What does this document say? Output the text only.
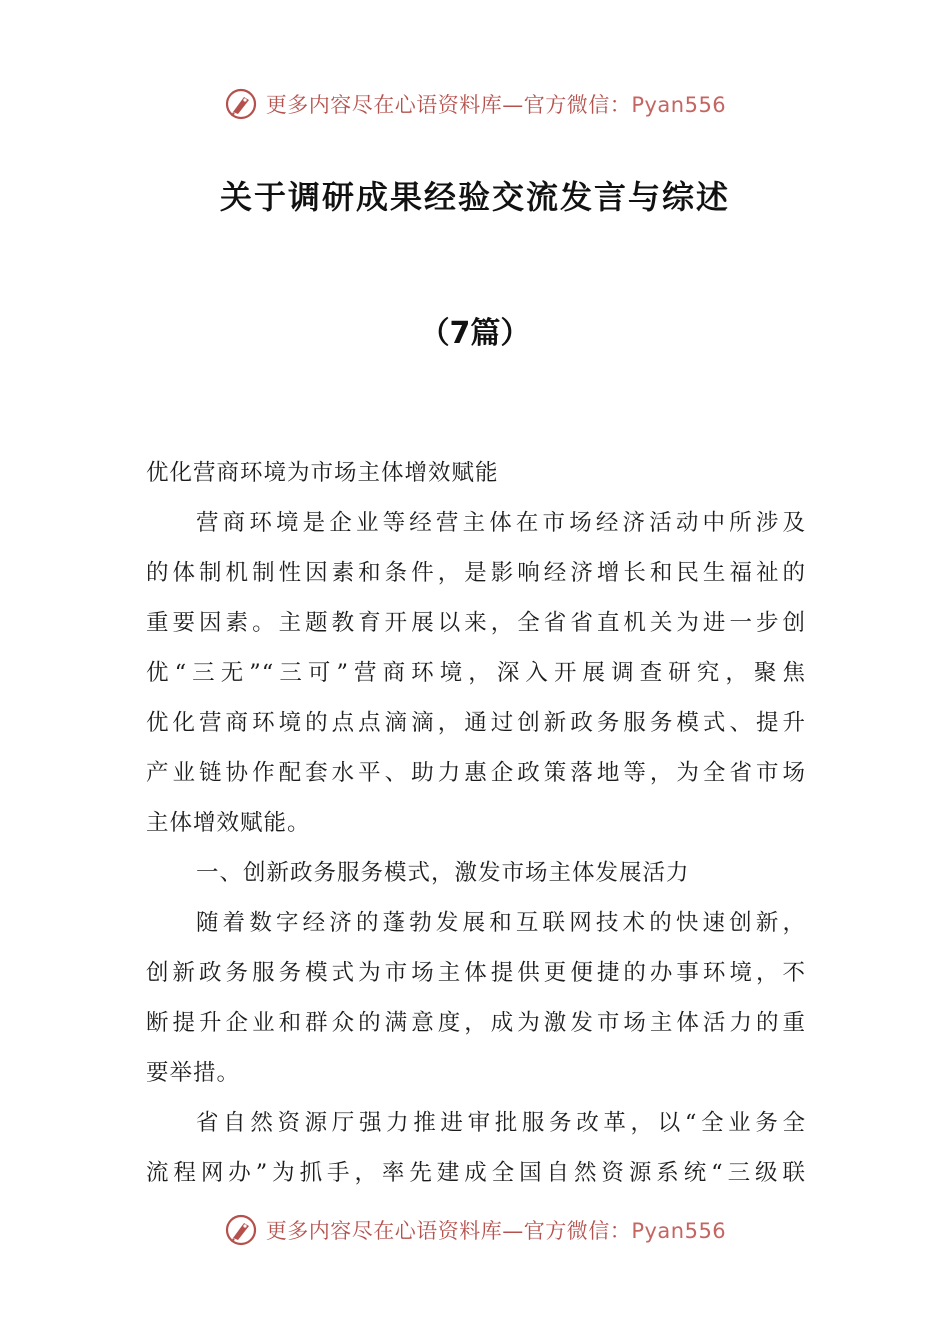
更多内容尽在心语资料库—官方微信：Pyan556
关于调研成果经验交流发言与综述
（7篇）
优化营商环境为市场主体增效赋能
营商环境是企业等经营主体在市场经济活动中所涉及
的体制机制性因素和条件，是影响经济增长和民生福祉的
重要因素。主题教育开展以来，全省省直机关为进一步创
优“三无”“三可”营商环境，深入开展调查研究，聚焦
优化营商环境的点点滴滴，通过创新政务服务模式、提升
产业链协作配套水平、助力惠企政策落地等，为全省市场
主体增效赋能。
一、创新政务服务模式，激发市场主体发展活力
随着数字经济的蓬勃发展和互联网技术的快速创新，
创新政务服务模式为市场主体提供更便捷的办事环境，不
断提升企业和群众的满意度，成为激发市场主体活力的重
要举措。
省自然资源厅强力推进审批服务改革，以“全业务全
流程网办”为抓手，率先建成全国自然资源系统“三级联
更多内容尽在心语资料库—官方微信：Pyan556
